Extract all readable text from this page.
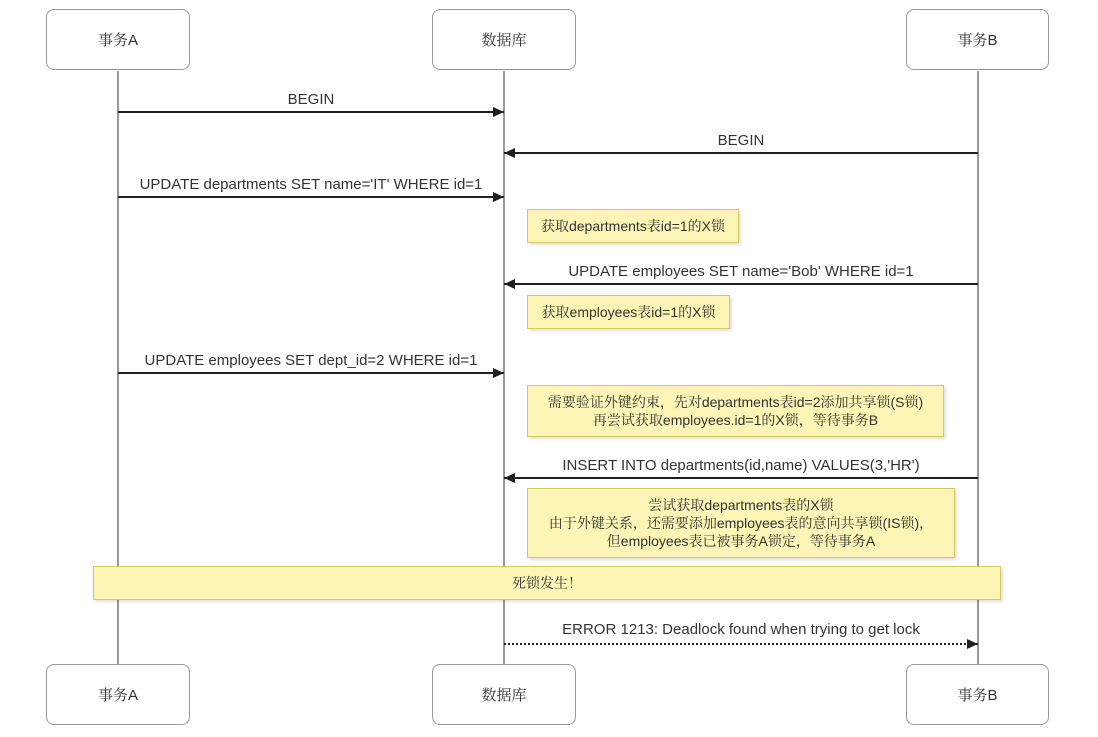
事务A	数据库	事务B
事务A	数据库	事务B
BEGIN
BEGIN
UPDATE departments SET name='IT' WHERE id=1
获取departments表id=1的X锁
UPDATE employees SET name='Bob' WHERE id=1
获取employees表id=1的X锁
UPDATE employees SET dept_id=2 WHERE id=1
需要验证外键约束，先对departments表id=2添加共享锁(S锁)
再尝试获取employees.id=1的X锁，等待事务B
INSERT INTO departments(id,name) VALUES(3,'HR')
尝试获取departments表的X锁
由于外键关系，还需要添加employees表的意向共享锁(IS锁)，
但employees表已被事务A锁定，等待事务A
死锁发生！
ERROR 1213: Deadlock found when trying to get lock
